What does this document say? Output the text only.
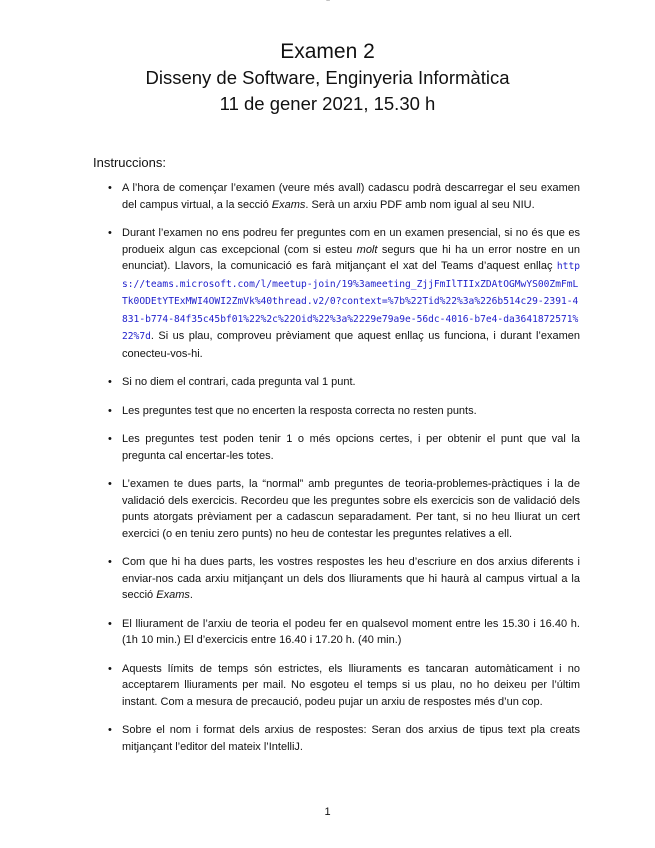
~
Examen 2
Disseny de Software, Enginyeria Informàtica
11 de gener 2021, 15.30 h
Instruccions:
• A l’hora de començar l’examen (veure més avall) cadascu podrà descarregar el seu examen del campus virtual, a la secció Exams. Serà un arxiu PDF amb nom igual al seu NIU.
• Durant l’examen no ens podreu fer preguntes com en un examen presencial, si no és que es produeix algun cas excepcional (com si esteu molt segurs que hi ha un error nostre en un enunciat). Llavors, la comunicació es farà mitjançant el xat del Teams d’aquest enllaç https://teams.microsoft.com/l/meetup-join/19%3ameeting_ZjjFmIlTIIxZDAtOGMwYS00ZmFmLTk0ODEtYTExMWI4OWI2ZmVk%40thread.v2/0?context=%7b%22Tid%22%3a%226b514c29-2391-4831-b774-84f35c45bf01%22%2c%22Oid%22%3a%2229e79a9e-56dc-4016-b7e4-da3641872571%22%7d. Si us plau, comproveu prèviament que aquest enllaç us funciona, i durant l’examen conecteu-vos-hi.
• Si no diem el contrari, cada pregunta val 1 punt.
• Les preguntes test que no encerten la resposta correcta no resten punts.
• Les preguntes test poden tenir 1 o més opcions certes, i per obtenir el punt que val la pregunta cal encertar-les totes.
• L’examen te dues parts, la “normal” amb preguntes de teoria-problemes-pràctiques i la de validació dels exercicis. Recordeu que les preguntes sobre els exercicis son de validació dels punts atorgats prèviament per a cadascun separadament. Per tant, si no heu lliurat un cert exercici (o en teniu zero punts) no heu de contestar les preguntes relatives a ell.
• Com que hi ha dues parts, les vostres respostes les heu d’escriure en dos arxius diferents i enviar-nos cada arxiu mitjançant un dels dos lliuraments que hi haurà al campus virtual a la secció Exams.
• El lliurament de l’arxiu de teoria el podeu fer en qualsevol moment entre les 15.30 i 16.40 h. (1h 10 min.) El d’exercicis entre 16.40 i 17.20 h. (40 min.)
• Aquests límits de temps són estrictes, els lliuraments es tancaran automàticament i no acceptarem lliuraments per mail. No esgoteu el temps si us plau, no ho deixeu per l’últim instant. Com a mesura de precaució, podeu pujar un arxiu de respostes més d’un cop.
• Sobre el nom i format dels arxius de respostes: Seran dos arxius de tipus text pla creats mitjançant l’editor del mateix l’IntelliJ.
1
